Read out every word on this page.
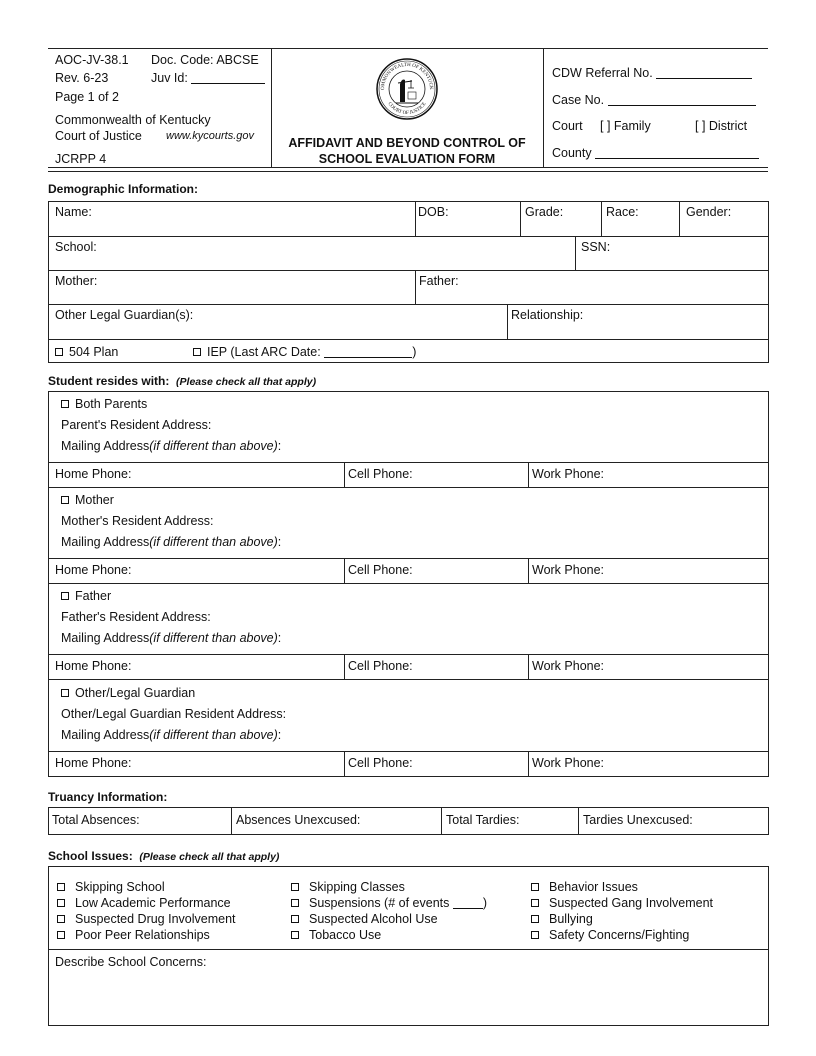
AOC-JV-38.1 Doc. Code: ABCSE
Rev. 6-23	Juv Id:
Page 1 of 2
Commonwealth of Kentucky
Court of Justice www.kycourts.gov
JCRPP 4
OMMONWEALTH OF KENTUCK
COURT OF JUSTICE
AFFIDAVIT AND BEYOND CONTROL OF
SCHOOL EVALUATION FORM
CDW Referral No.
Case No.
Court [ ] Family	[ ] District
County
Demographic Information:
Name:	DOB:	Grade:	Race:	Gender:
School:	SSN:
Mother:	Father:
Other Legal Guardian(s):	Relationship:
504 Plan	IEP (Last ARC Date:	)
Student resides with: (Please check all that apply)
Both Parents
Parent's Resident Address:
Mailing Address(if different than above):
Home Phone:	Cell Phone:	Work Phone:
Mother
Mother's Resident Address:
Mailing Address(if different than above):
Home Phone:	Cell Phone:	Work Phone:
Father
Father's Resident Address:
Mailing Address(if different than above):
Home Phone:	Cell Phone:	Work Phone:
Other/Legal Guardian
Other/Legal Guardian Resident Address:
Mailing Address(if different than above):
Home Phone:	Cell Phone:	Work Phone:
Truancy Information:
Total Absences:	Absences Unexcused:	Total Tardies:	Tardies Unexcused:
School Issues: (Please check all that apply)
Skipping School
Low Academic Performance
Suspected Drug Involvement
Poor Peer Relationships
Skipping Classes
Suspensions (# of events	)
Suspected Alcohol Use
Tobacco Use
Behavior Issues
Suspected Gang Involvement
Bullying
Safety Concerns/Fighting
Describe School Concerns:
